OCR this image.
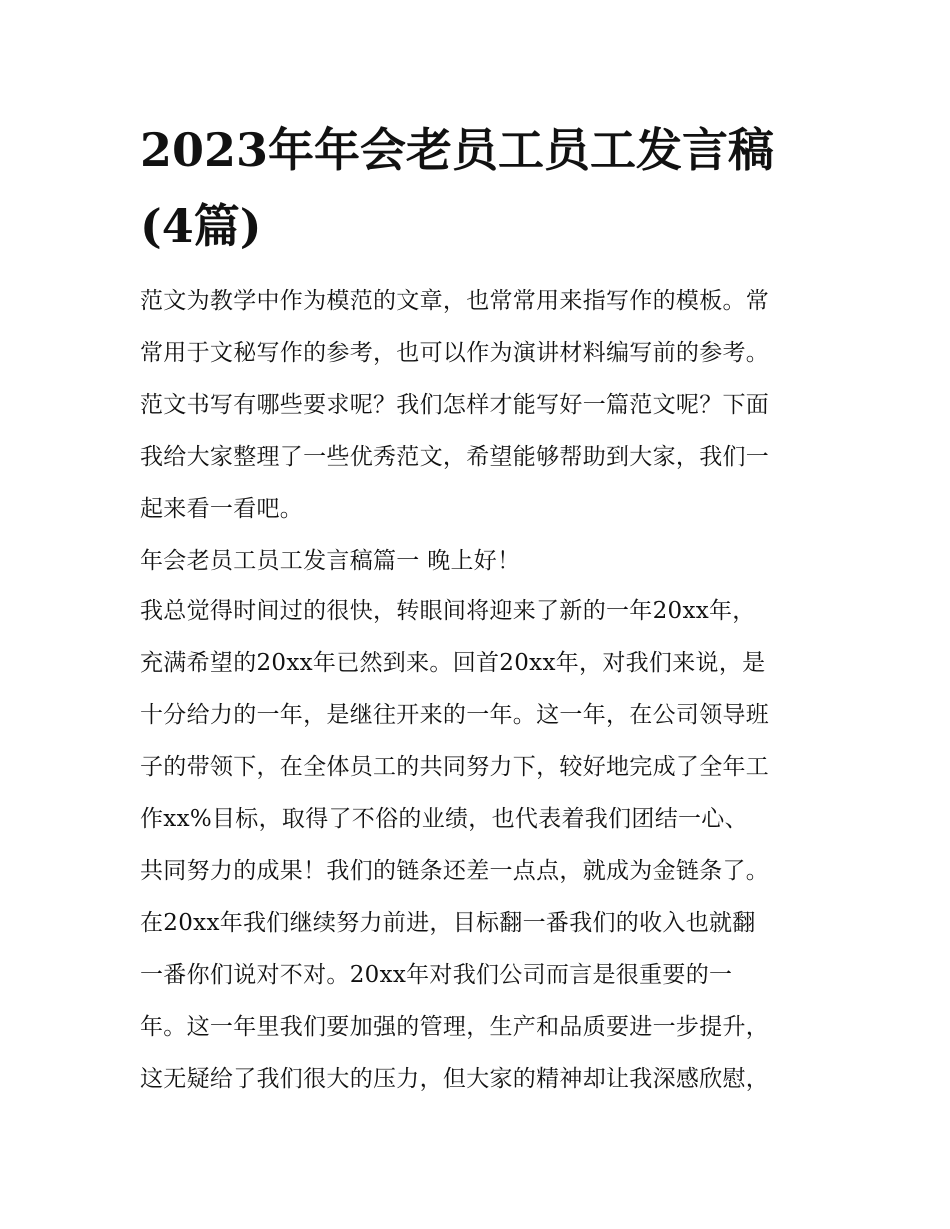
2023年年会老员工员工发言稿
(4篇)
范文为教学中作为模范的文章，也常常用来指写作的模板。常
常用于文秘写作的参考，也可以作为演讲材料编写前的参考。
范文书写有哪些要求呢？我们怎样才能写好一篇范文呢？下面
我给大家整理了一些优秀范文，希望能够帮助到大家，我们一
起来看一看吧。
年会老员工员工发言稿篇一 晚上好！
我总觉得时间过的很快，转眼间将迎来了新的一年20xx年，
充满希望的20xx年已然到来。回首20xx年，对我们来说，是
十分给力的一年，是继往开来的一年。这一年，在公司领导班
子的带领下，在全体员工的共同努力下，较好地完成了全年工
作xx%目标，取得了不俗的业绩，也代表着我们团结一心、
共同努力的成果！我们的链条还差一点点，就成为金链条了。
在20xx年我们继续努力前进，目标翻一番我们的收入也就翻
一番你们说对不对。20xx年对我们公司而言是很重要的一
年。这一年里我们要加强的管理，生产和品质要进一步提升，
这无疑给了我们很大的压力，但大家的精神却让我深感欣慰，
